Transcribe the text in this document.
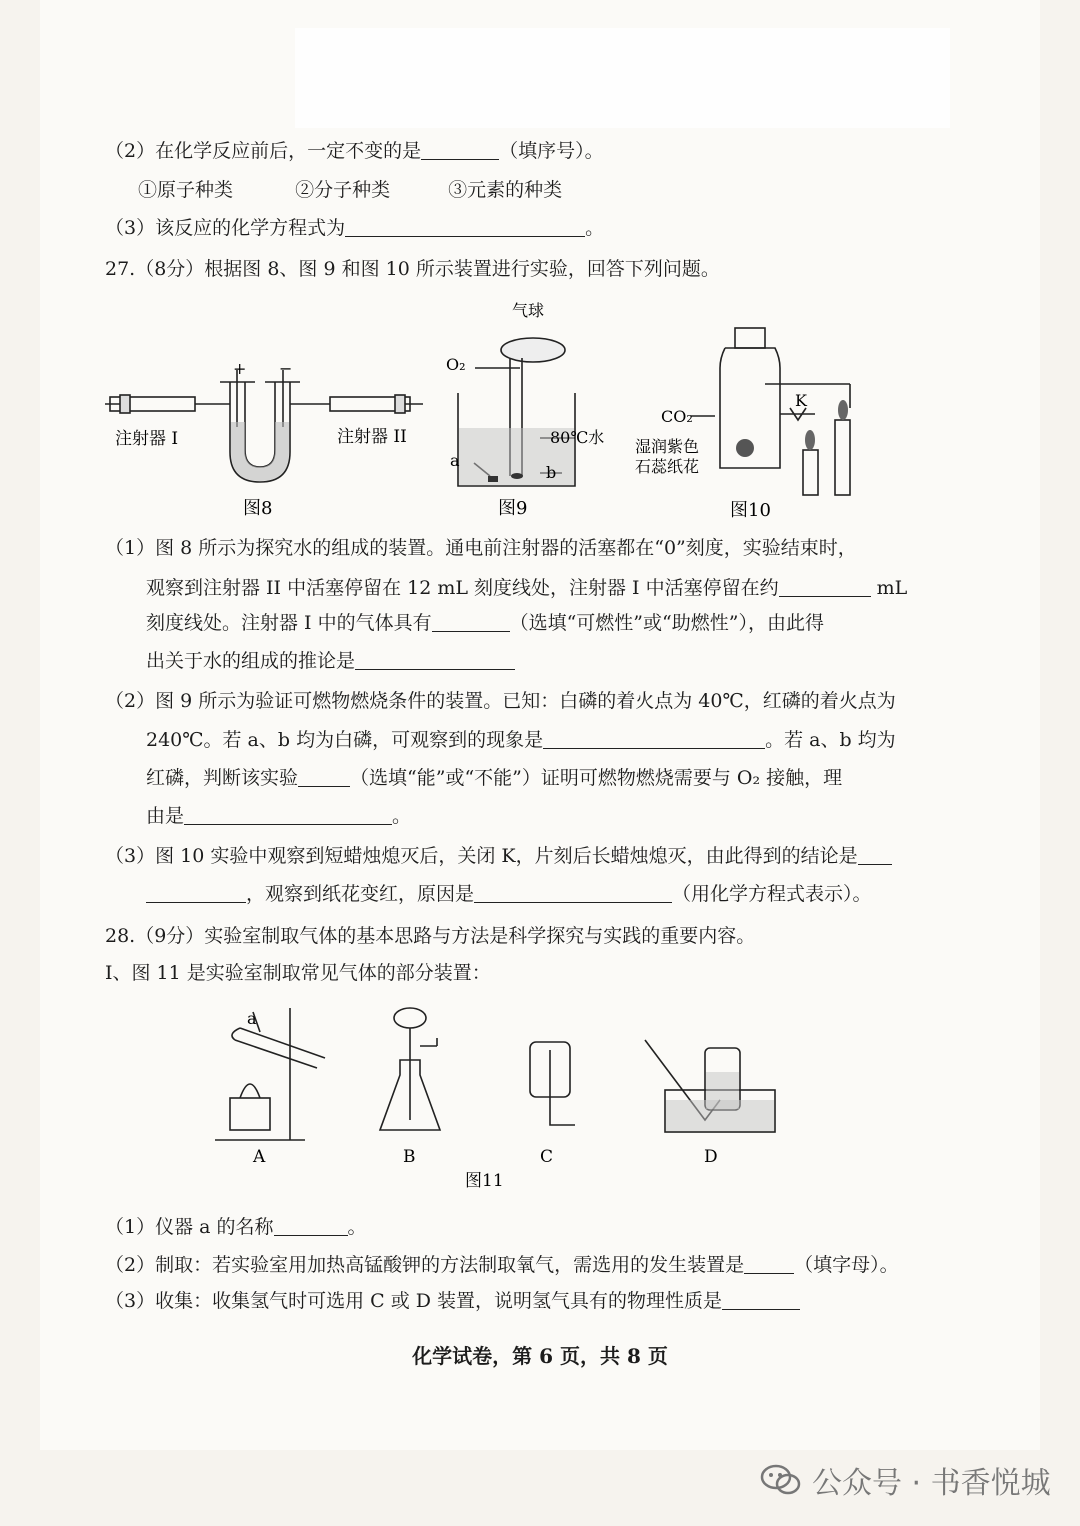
（2）在化学反应前后，一定不变的是	（填序号）。
①原子种类	②分子种类	③元素的种类
（3）该反应的化学方程式为	。
27.（8分）根据图 8、图 9 和图 10 所示装置进行实验，回答下列问题。
+ −
注射器 I	注射器 II
图8
气球
O₂
80℃水
a
b
图9
CO₂
K
湿润紫色
石蕊纸花
图10
（1）图 8 所示为探究水的组成的装置。通电前注射器的活塞都在“0”刻度，实验结束时，
观察到注射器 II 中活塞停留在 12 mL 刻度线处，注射器 I 中活塞停留在约	mL
刻度线处。注射器 I 中的气体具有	（选填“可燃性”或“助燃性”），由此得
出关于水的组成的推论是
（2）图 9 所示为验证可燃物燃烧条件的装置。已知：白磷的着火点为 40℃，红磷的着火点为
240℃。若 a、b 均为白磷，可观察到的现象是	。若 a、b 均为
红磷，判断该实验	（选填“能”或“不能”）证明可燃物燃烧需要与 O₂ 接触，理
由是	。
（3）图 10 实验中观察到短蜡烛熄灭后，关闭 K，片刻后长蜡烛熄灭，由此得到的结论是
，观察到纸花变红，原因是	（用化学方程式表示）。
28.（9分）实验室制取气体的基本思路与方法是科学探究与实践的重要内容。
Ⅰ、图 11 是实验室制取常见气体的部分装置：
a
A	B	C	D
图11
（1）仪器 a 的名称	。
（2）制取：若实验室用加热高锰酸钾的方法制取氧气，需选用的发生装置是	（填字母）。
（3）收集：收集氢气时可选用 C 或 D 装置，说明氢气具有的物理性质是
化学试卷，第 6 页，共 8 页
公众号 · 书香悦城
